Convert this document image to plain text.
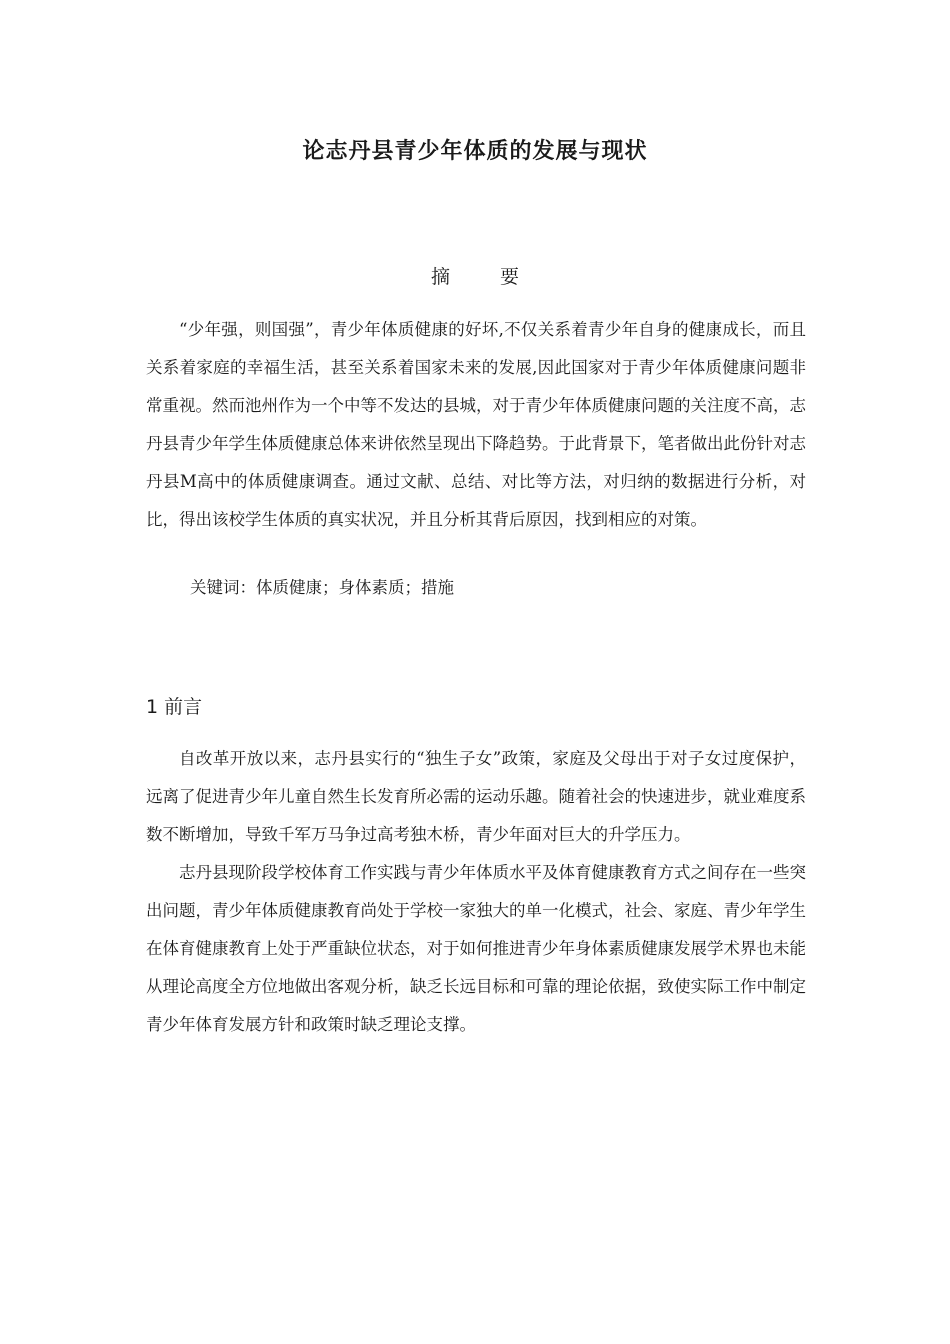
论志丹县青少年体质的发展与现状
摘 要

“少年强，则国强”，青少年体质健康的好坏,不仅关系着青少年自身的健康成长，而且关系着家庭的幸福生活，甚至关系着国家未来的发展,因此国家对于青少年体质健康问题非常重视。然而池州作为一个中等不发达的县城，对于青少年体质健康问题的关注度不高，志丹县青少年学生体质健康总体来讲依然呈现出下降趋势。于此背景下，笔者做出此份针对志丹县M高中的体质健康调查。通过文献、总结、对比等方法，对归纳的数据进行分析，对比，得出该校学生体质的真实状况，并且分析其背后原因，找到相应的对策。

关键词：体质健康；身体素质；措施
1 前言

自改革开放以来，志丹县实行的“独生子女”政策，家庭及父母出于对子女过度保护，远离了促进青少年儿童自然生长发育所必需的运动乐趣。随着社会的快速进步，就业难度系数不断增加，导致千军万马争过高考独木桥，青少年面对巨大的升学压力。

志丹县现阶段学校体育工作实践与青少年体质水平及体育健康教育方式之间存在一些突出问题，青少年体质健康教育尚处于学校一家独大的单一化模式，社会、家庭、青少年学生在体育健康教育上处于严重缺位状态，对于如何推进青少年身体素质健康发展学术界也未能从理论高度全方位地做出客观分析，缺乏长远目标和可靠的理论依据，致使实际工作中制定青少年体育发展方针和政策时缺乏理论支撑。
